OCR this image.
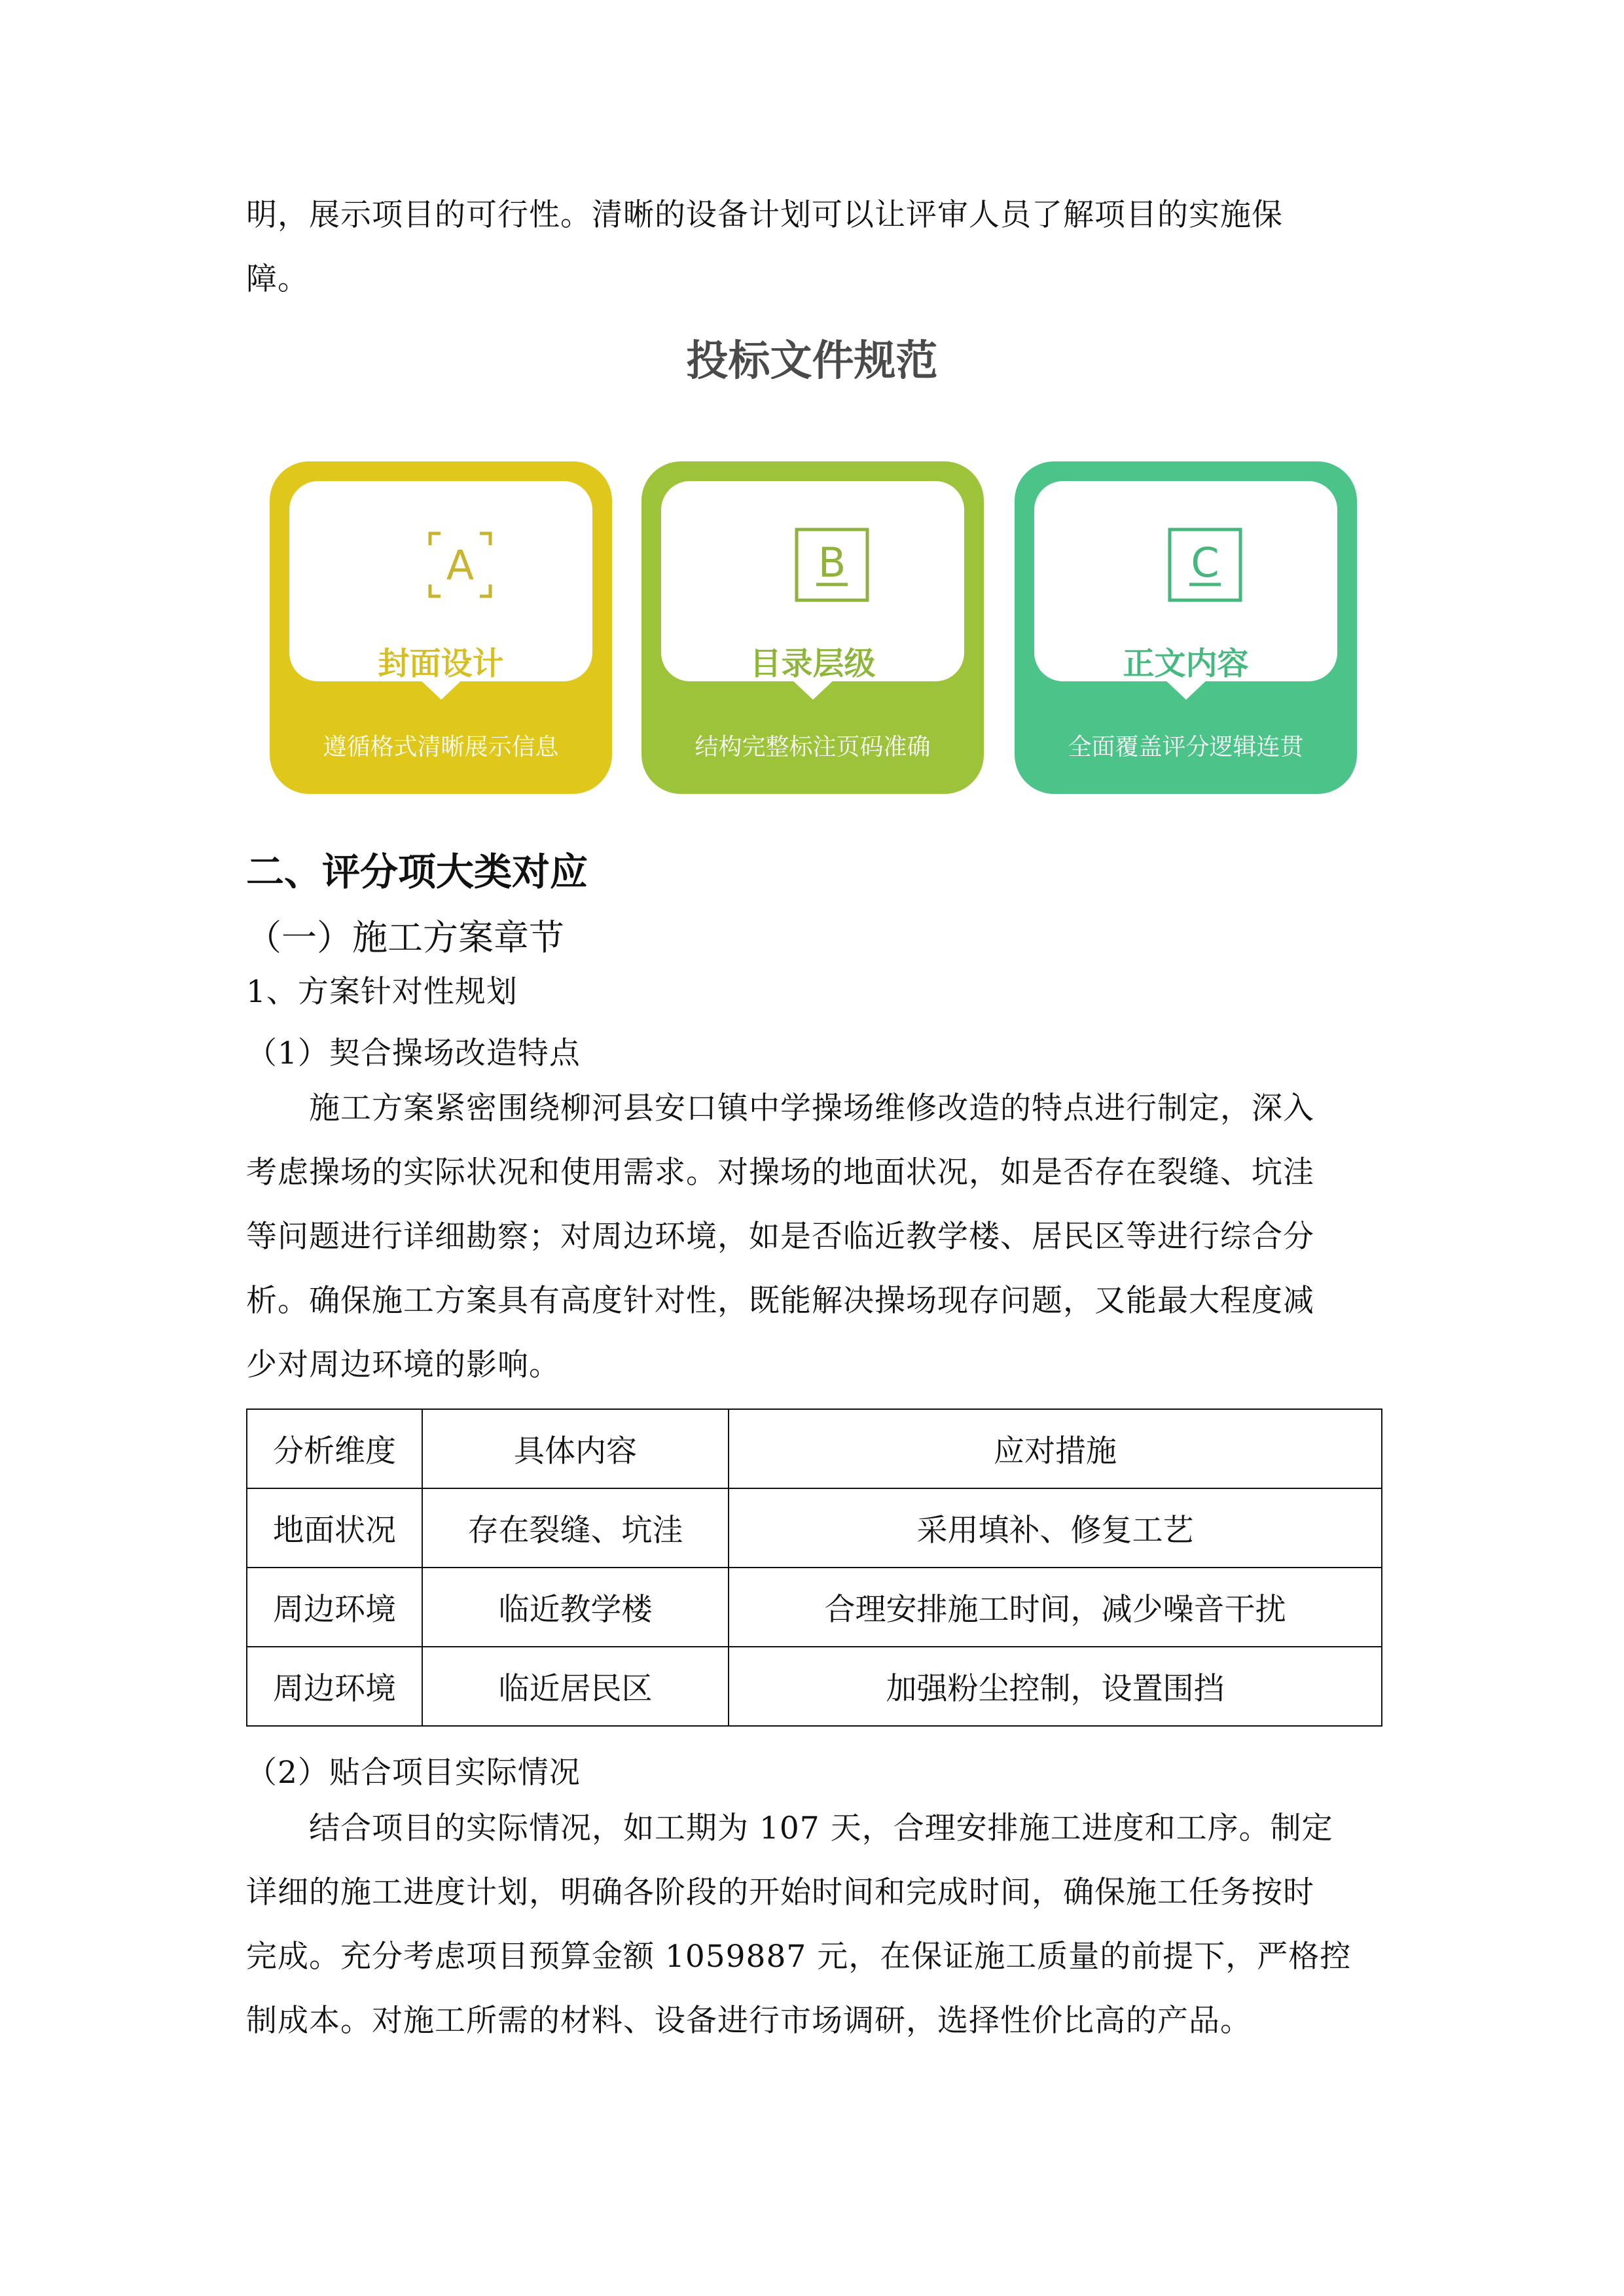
明，展示项目的可行性。清晰的设备计划可以让评审人员了解项目的实施保
障。
投标文件规范
A
封面设计
遵循格式清晰展示信息
B
目录层级
结构完整标注页码准确
C
正文内容
全面覆盖评分逻辑连贯
二、评分项大类对应
（一）施工方案章节
1、方案针对性规划
（1）契合操场改造特点
施工方案紧密围绕柳河县安口镇中学操场维修改造的特点进行制定，深入
考虑操场的实际状况和使用需求。对操场的地面状况，如是否存在裂缝、坑洼
等问题进行详细勘察；对周边环境，如是否临近教学楼、居民区等进行综合分
析。确保施工方案具有高度针对性，既能解决操场现存问题，又能最大程度减
少对周边环境的影响。
分析维度	具体内容	应对措施
地面状况	存在裂缝、坑洼	采用填补、修复工艺
周边环境	临近教学楼	合理安排施工时间，减少噪音干扰
周边环境	临近居民区	加强粉尘控制，设置围挡
（2）贴合项目实际情况
结合项目的实际情况，如工期为 107 天，合理安排施工进度和工序。制定
详细的施工进度计划，明确各阶段的开始时间和完成时间，确保施工任务按时
完成。充分考虑项目预算金额 1059887 元，在保证施工质量的前提下，严格控
制成本。对施工所需的材料、设备进行市场调研，选择性价比高的产品。
